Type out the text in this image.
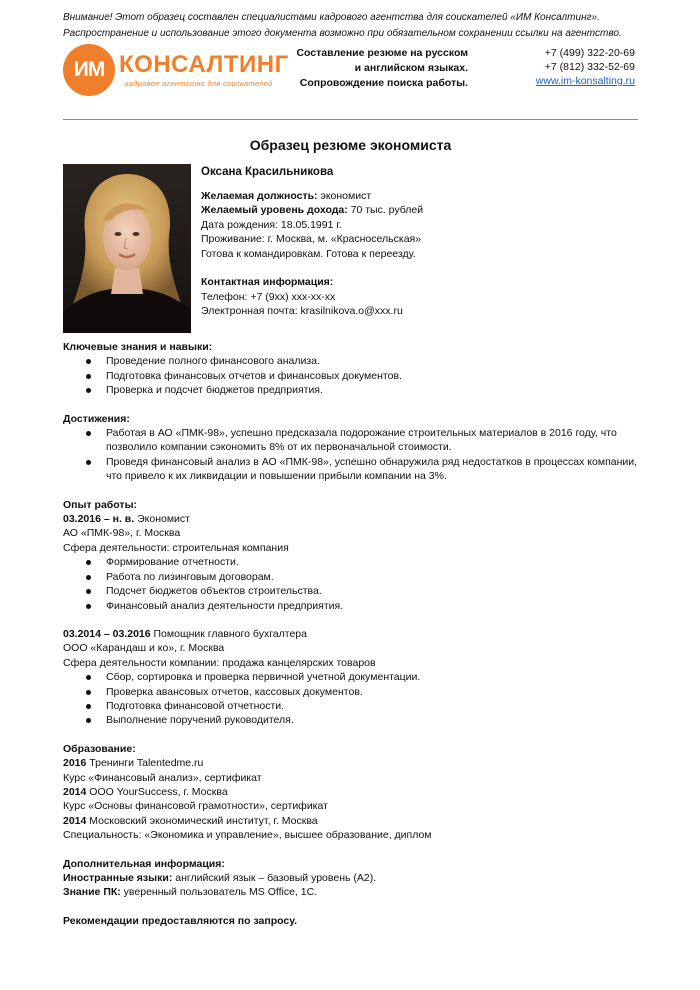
Внимание! Этот образец составлен специалистами кадрового агентства для соискателей «ИМ Консалтинг».
Распространение и использование этого документа возможно при обязательном сохранении ссылки на агентство.
ИМ КОНСАЛТИНГ
кадровое агентство для соискателей
Составление резюме на русском
и английском языках.
Сопровождение поиска работы.
+7 (499) 322-20-69
+7 (812) 332-52-69
www.im-konsalting.ru
Образец резюме экономиста
Оксана Красильникова
Желаемая должность: экономист
Желаемый уровень дохода: 70 тыс. рублей
Дата рождения: 18.05.1991 г.
Проживание: г. Москва, м. «Красносельская»
Готова к командировкам. Готова к переезду.
Контактная информация:
Телефон: +7 (9хх) ххх-хх-хх
Электронная почта: krasilnikova.o@xxx.ru
Ключевые знания и навыки:
Проведение полного финансового анализа.
Подготовка финансовых отчетов и финансовых документов.
Проверка и подсчет бюджетов предприятия.
Достижения:
Работая в АО «ПМК-98», успешно предсказала подорожание строительных материалов в 2016 году, что позволило компании сэкономить 8% от их первоначальной стоимости.
Проведя финансовый анализ в АО «ПМК-98», успешно обнаружила ряд недостатков в процессах компании, что привело к их ликвидации и повышении прибыли компании на 3%.
Опыт работы:
03.2016 – н. в. Экономист
АО «ПМК-98», г. Москва
Сфера деятельности: строительная компания
Формирование отчетности.
Работа по лизинговым договорам.
Подсчет бюджетов объектов строительства.
Финансовый анализ деятельности предприятия.
03.2014 – 03.2016 Помощник главного бухгалтера
ООО «Карандаш и ко», г. Москва
Сфера деятельности компании: продажа канцелярских товаров
Сбор, сортировка и проверка первичной учетной документации.
Проверка авансовых отчетов, кассовых документов.
Подготовка финансовой отчетности.
Выполнение поручений руководителя.
Образование:
2016 Тренинги Talentedme.ru
Курс «Финансовый анализ», сертификат
2014 ООО YourSuccess, г. Москва
Курс «Основы финансовой грамотности», сертификат
2014 Московский экономический институт, г. Москва
Специальность: «Экономика и управление», высшее образование, диплом
Дополнительная информация:
Иностранные языки: английский язык – базовый уровень (А2).
Знание ПК: уверенный пользователь MS Office, 1С.
Рекомендации предоставляются по запросу.
